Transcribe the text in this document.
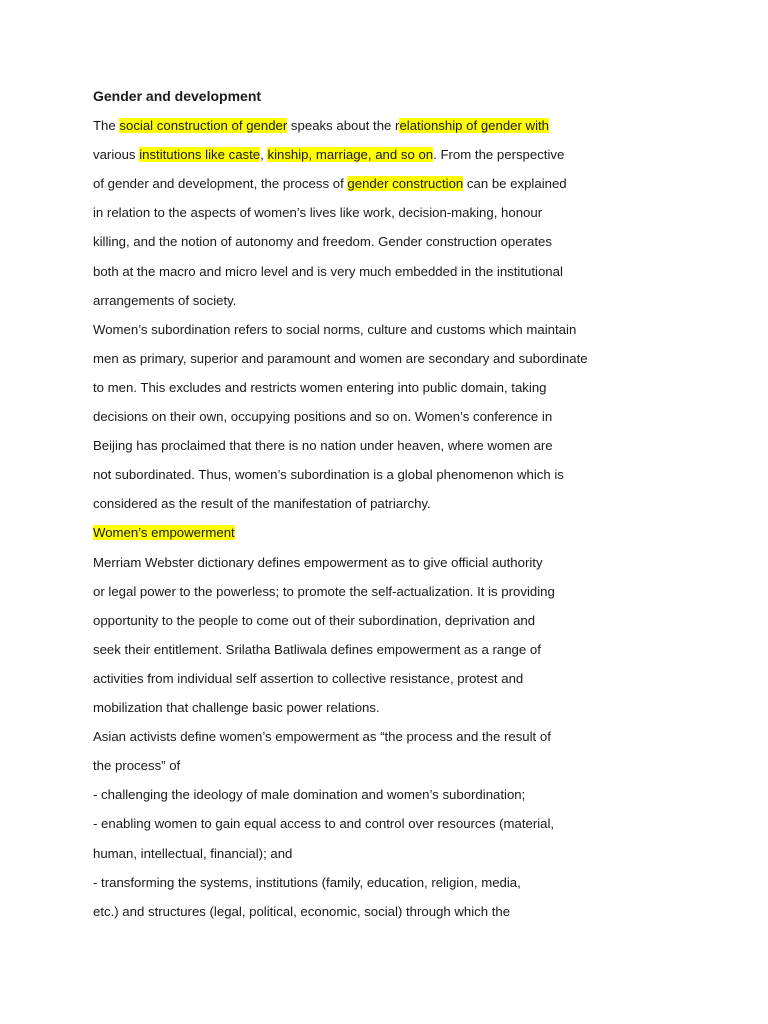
Gender and development
The social construction of gender speaks about the relationship of gender with
various institutions like caste, kinship, marriage, and so on. From the perspective
of gender and development, the process of gender construction can be explained
in relation to the aspects of women’s lives like work, decision-making, honour
killing, and the notion of autonomy and freedom. Gender construction operates
both at the macro and micro level and is very much embedded in the institutional
arrangements of society.
Women’s subordination refers to social norms, culture and customs which maintain
men as primary, superior and paramount and women are secondary and subordinate
to men. This excludes and restricts women entering into public domain, taking
decisions on their own, occupying positions and so on. Women’s conference in
Beijing has proclaimed that there is no nation under heaven, where women are
not subordinated. Thus, women’s subordination is a global phenomenon which is
considered as the result of the manifestation of patriarchy.
Women’s empowerment
Merriam Webster dictionary defines empowerment as to give official authority
or legal power to the powerless; to promote the self-actualization. It is providing
opportunity to the people to come out of their subordination, deprivation and
seek their entitlement. Srilatha Batliwala defines empowerment as a range of
activities from individual self assertion to collective resistance, protest and
mobilization that challenge basic power relations.
Asian activists define women’s empowerment as “the process and the result of
the process” of
- challenging the ideology of male domination and women’s subordination;
- enabling women to gain equal access to and control over resources (material,
human, intellectual, financial); and
- transforming the systems, institutions (family, education, religion, media,
etc.) and structures (legal, political, economic, social) through which the
